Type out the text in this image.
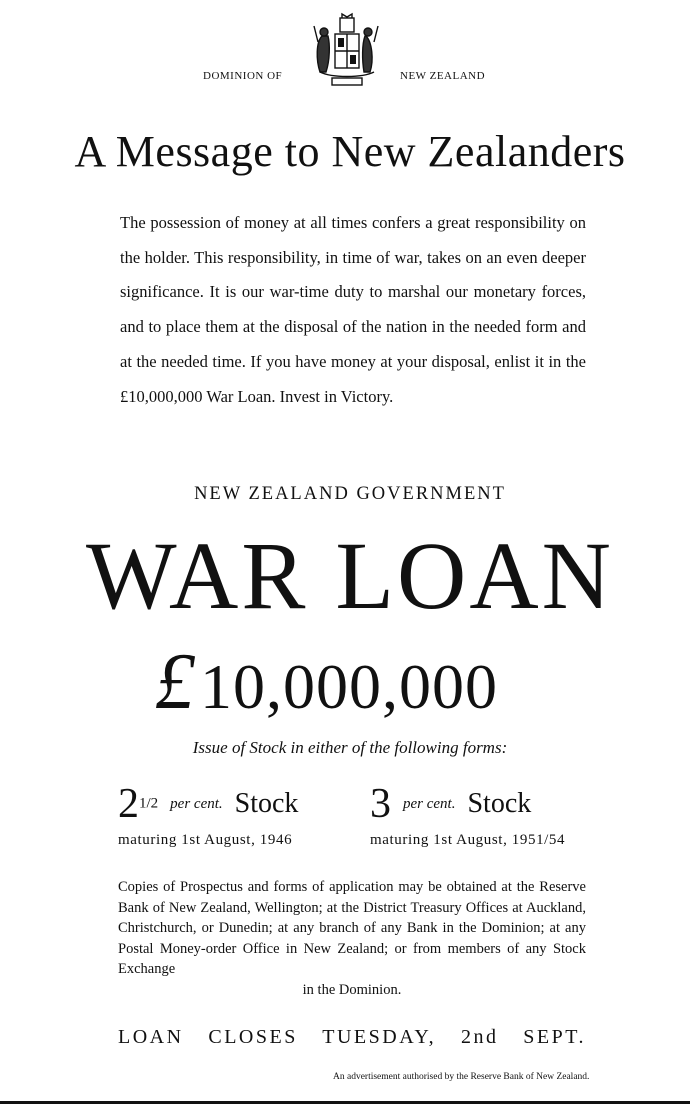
DOMINION OF	NEW ZEALAND
A Message to New Zealanders

The possession of money at all times confers a great responsibility on the holder. This responsibility, in time of war, takes on an even deeper significance. It is our war-time duty to marshal our monetary forces, and to place them at the disposal of the nation in the needed form and at the needed time. If you have money at your disposal, enlist it in the £10,000,000 War Loan. Invest in Victory.

NEW ZEALAND GOVERNMENT
WAR LOAN
£10,000,000
Issue of Stock in either of the following forms:
21/2 per cent. Stock 3 per cent. Stock
maturing 1st August, 1946	maturing 1st August, 1951/54
Copies of Prospectus and forms of application may be obtained at the Reserve Bank of New Zealand, Wellington; at the District Treasury Offices at Auckland, Christchurch, or Dunedin; at any branch of any Bank in the Dominion; at any Postal Money-order Office in New Zealand; or from members of any Stock Exchange
in the Dominion.
LOAN CLOSES TUESDAY, 2nd SEPT.
An advertisement authorised by the Reserve Bank of New Zealand.
